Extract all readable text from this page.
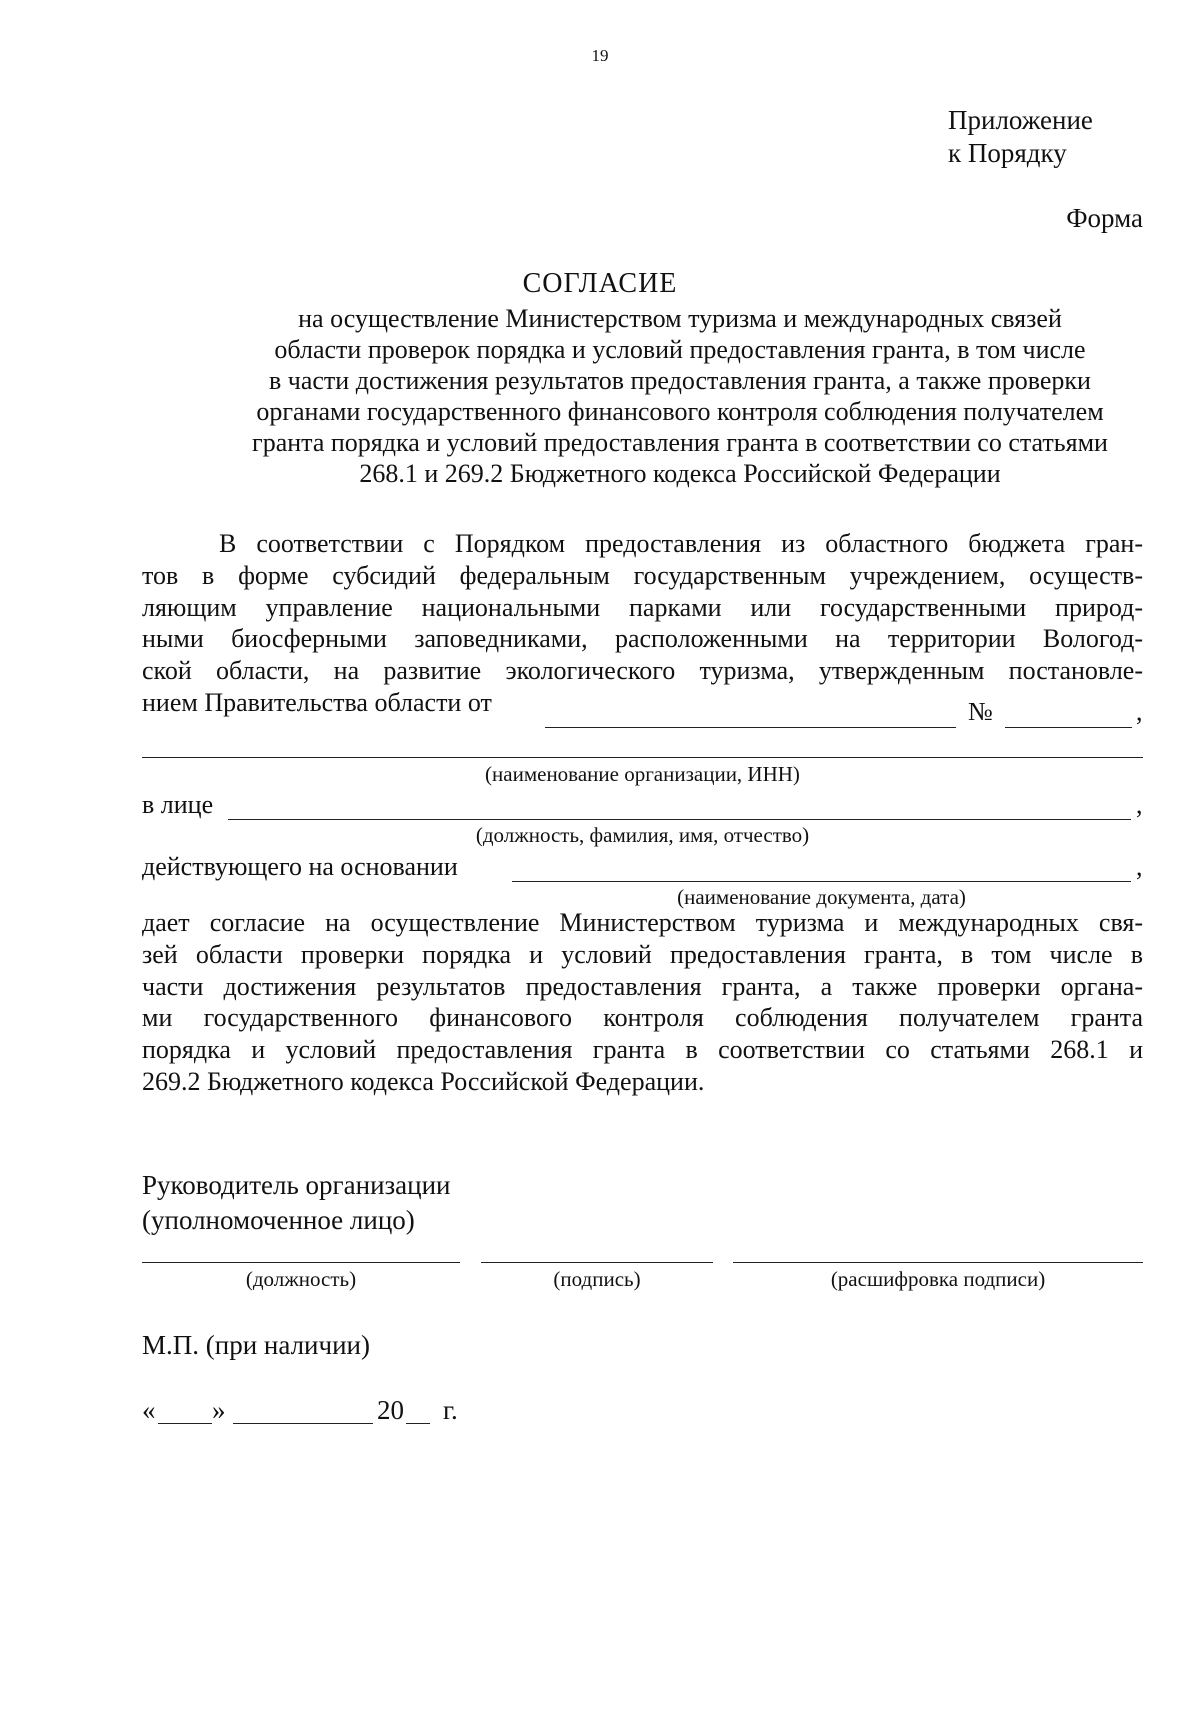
19
Приложение
к Порядку
Форма
СОГЛАСИЕ
на осуществление Министерством туризма и международных связей
области проверок порядка и условий предоставления гранта, в том числе
в части достижения результатов предоставления гранта, а также проверки
органами государственного финансового контроля соблюдения получателем
гранта порядка и условий предоставления гранта в соответствии со статьями
268.1 и 269.2 Бюджетного кодекса Российской Федерации
В соответствии с Порядком предоставления из областного бюджета гран-
тов в форме субсидий федеральным государственным учреждением, осуществ-
ляющим управление национальными парками или государственными природ-
ными биосферными заповедниками, расположенными на территории Вологод-
ской области, на развитие экологического туризма, утвержденным постановле-
нием Правительства области от	№	,
(наименование организации, ИНН)
в лице	,
(должность, фамилия, имя, отчество)
действующего на основании	,
(наименование документа, дата)
дает согласие на осуществление Министерством туризма и международных свя-
зей области проверки порядка и условий предоставления гранта, в том числе в
части достижения результатов предоставления гранта, а также проверки органа-
ми государственного финансового контроля соблюдения получателем гранта
порядка и условий предоставления гранта в соответствии со статьями 268.1 и
269.2 Бюджетного кодекса Российской Федерации.
Руководитель организации
(уполномоченное лицо)
(должность)	(подпись)	(расшифровка подписи)
М.П. (при наличии)
« »	20 г.
